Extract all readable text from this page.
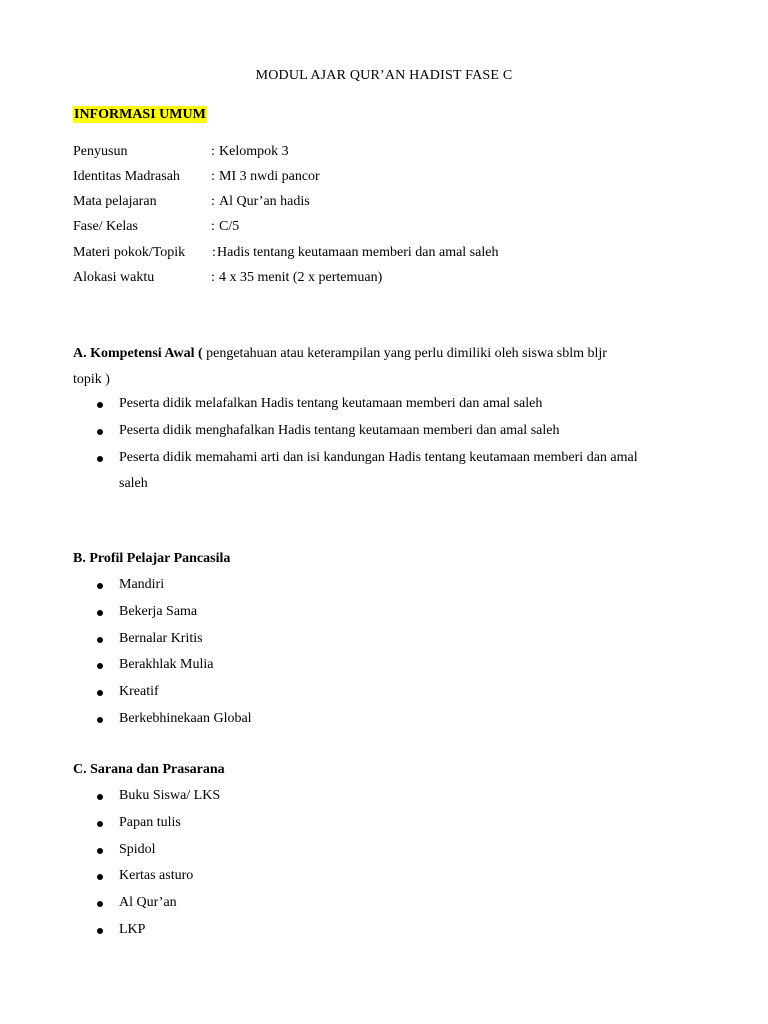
MODUL AJAR QUR’AN HADIST FASE C
INFORMASI UMUM
Penyusun	: Kelompok 3
Identitas Madrasah : MI 3 nwdi pancor
Mata pelajaran	: Al Qur’an hadis
Fase/ Kelas	: C/5
Materi pokok/Topik : Hadis tentang keutamaan memberi dan amal saleh
Alokasi waktu	: 4 x 35 menit (2 x pertemuan)
A. Kompetensi Awal ( pengetahuan atau keterampilan yang perlu dimiliki oleh siswa sblm bljr
topik )
Peserta didik melafalkan Hadis tentang keutamaan memberi dan amal saleh
Peserta didik menghafalkan Hadis tentang keutamaan memberi dan amal saleh
Peserta didik memahami arti dan isi kandungan Hadis tentang keutamaan memberi dan amal
saleh
B. Profil Pelajar Pancasila
Mandiri
Bekerja Sama
Bernalar Kritis
Berakhlak Mulia
Kreatif
Berkebhinekaan Global
C. Sarana dan Prasarana
Buku Siswa/ LKS
Papan tulis
Spidol
Kertas asturo
Al Qur’an
LKP
